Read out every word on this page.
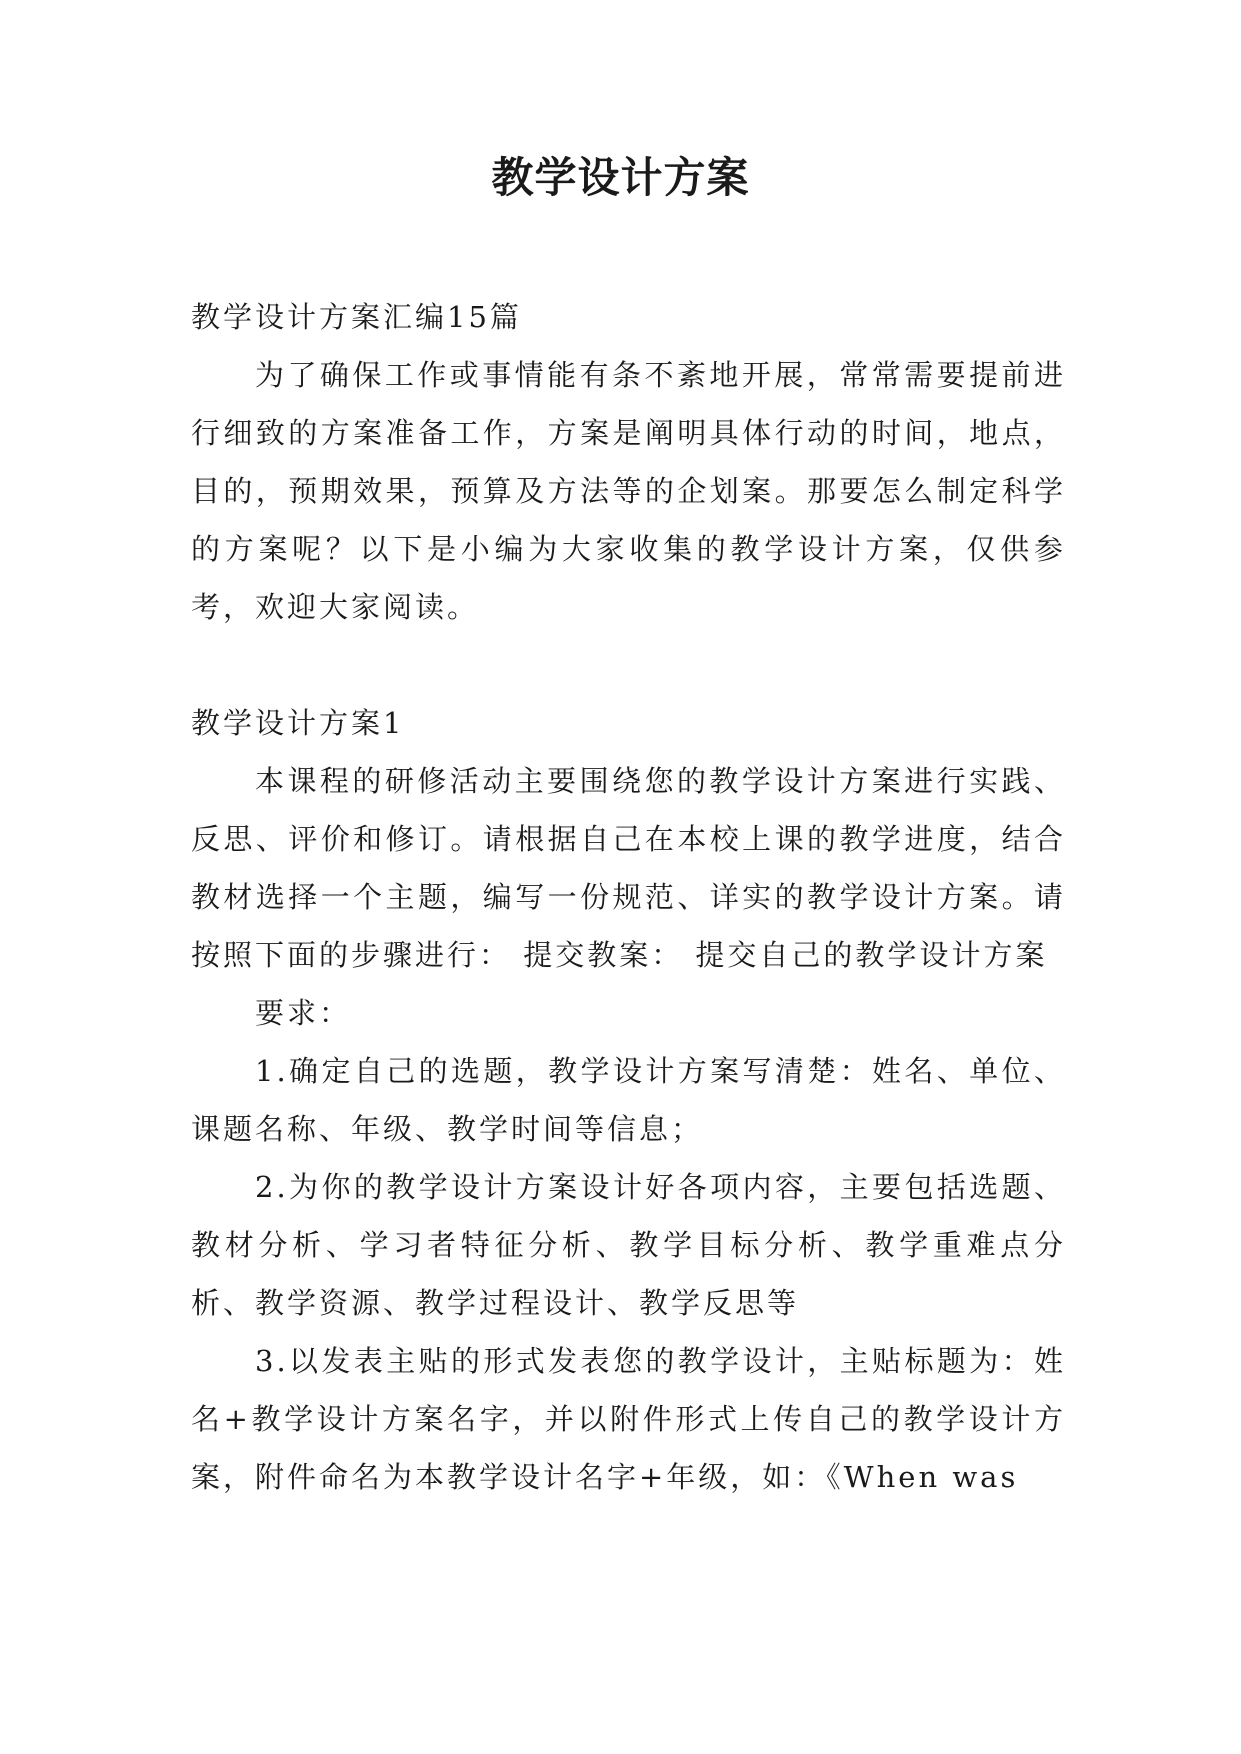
教学设计方案

教学设计方案汇编15篇

为了确保工作或事情能有条不紊地开展，常常需要提前进行细致的方案准备工作，方案是阐明具体行动的时间，地点，目的，预期效果，预算及方法等的企划案。那要怎么制定科学的方案呢？以下是小编为大家收集的教学设计方案，仅供参考，欢迎大家阅读。

教学设计方案1

本课程的研修活动主要围绕您的教学设计方案进行实践、反思、评价和修订。请根据自己在本校上课的教学进度，结合教材选择一个主题，编写一份规范、详实的教学设计方案。请按照下面的步骤进行： 提交教案： 提交自己的教学设计方案

要求：

1.确定自己的选题，教学设计方案写清楚：姓名、单位、课题名称、年级、教学时间等信息；

2.为你的教学设计方案设计好各项内容，主要包括选题、教材分析、学习者特征分析、教学目标分析、教学重难点分析、教学资源、教学过程设计、教学反思等

3.以发表主贴的形式发表您的教学设计，主贴标题为：姓名+教学设计方案名字，并以附件形式上传自己的教学设计方案，附件命名为本教学设计名字+年级，如：《When was
